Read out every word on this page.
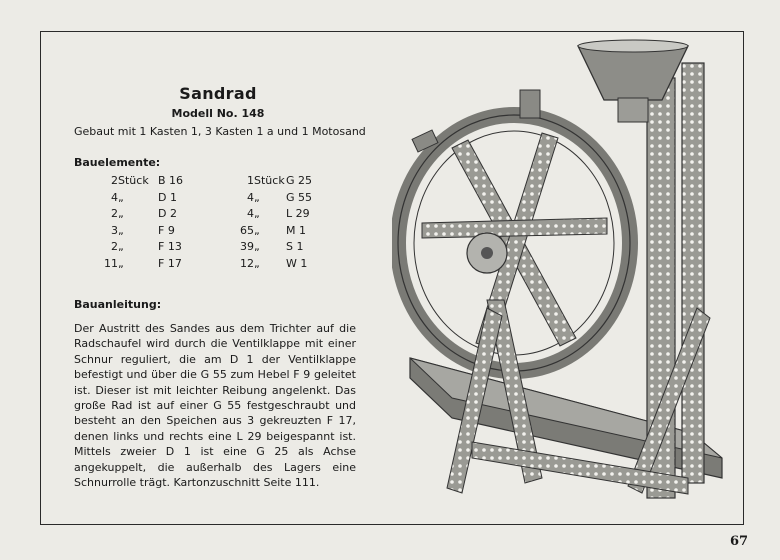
Sandrad
Modell No. 148
Gebaut mit 1 Kasten 1, 3 Kasten 1 a und 1 Motosand
Bauelemente:
2	Stück	B 16	1	Stück	G 25
4	„	D 1	4	„	G 55
2	„	D 2	4	„	L 29
3	„	F 9	65	„	M 1
2	„	F 13	39	„	S 1
11	„	F 17	12	„	W 1
Bauanleitung:
Der Austritt des Sandes aus dem Trichter auf die Radschaufel wird durch die Ventilklappe mit einer Schnur reguliert, die am D 1 der Ventilklappe befestigt und über die G 55 zum Hebel F 9 geleitet ist. Dieser ist mit leichter Reibung angelenkt. Das große Rad ist auf einer G 55 festgeschraubt und besteht an den Speichen aus 3 gekreuzten F 17, denen links und rechts eine L 29 beigespannt ist. Mittels zweier D 1 ist eine G 25 als Achse angekuppelt, die außerhalb des Lagers eine Schnurrolle trägt. Kartonzuschnitt Seite 111.
67
